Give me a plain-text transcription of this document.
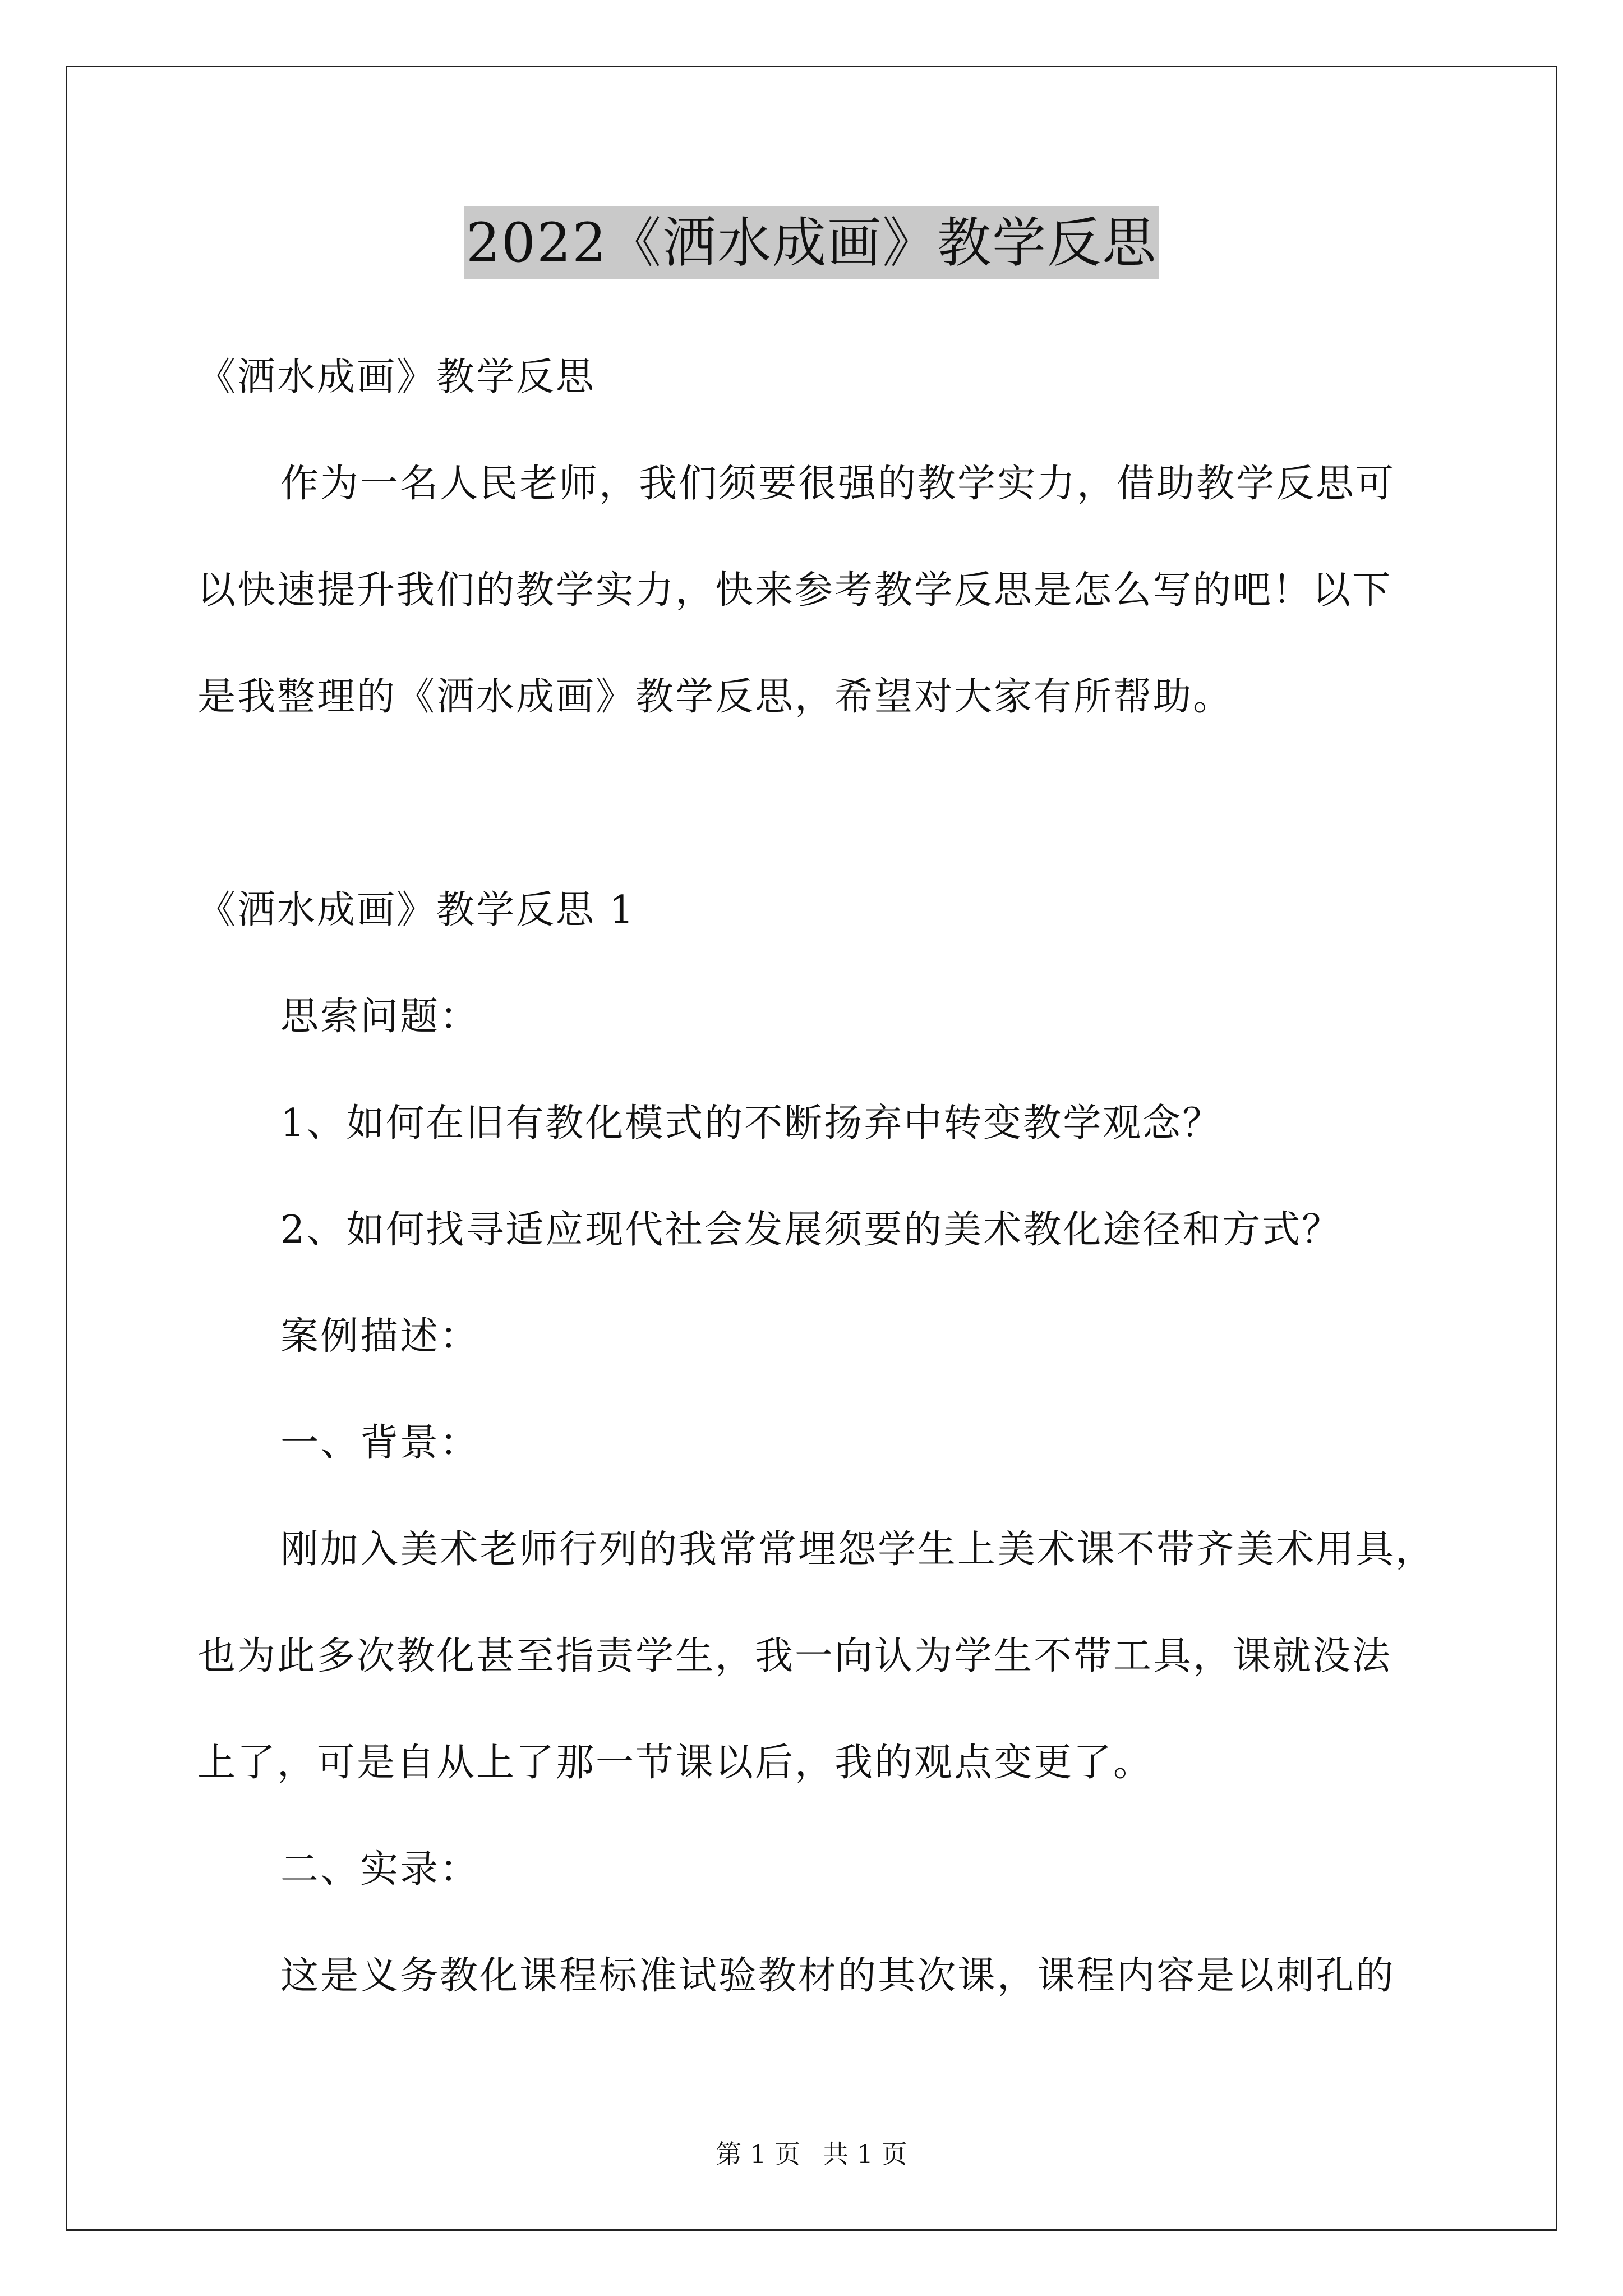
2022《洒水成画》教学反思
《洒水成画》教学反思
作为一名人民老师，我们须要很强的教学实力，借助教学反思可
以快速提升我们的教学实力，快来参考教学反思是怎么写的吧！以下
是我整理的《洒水成画》教学反思，希望对大家有所帮助。
《洒水成画》教学反思 1
思索问题：
1、如何在旧有教化模式的不断扬弃中转变教学观念？
2、如何找寻适应现代社会发展须要的美术教化途径和方式？
案例描述：
一、背景：
刚加入美术老师行列的我常常埋怨学生上美术课不带齐美术用具，
也为此多次教化甚至指责学生，我一向认为学生不带工具，课就没法
上了，可是自从上了那一节课以后，我的观点变更了。
二、实录：
这是义务教化课程标准试验教材的其次课，课程内容是以刺孔的
第 1 页 共 1 页
